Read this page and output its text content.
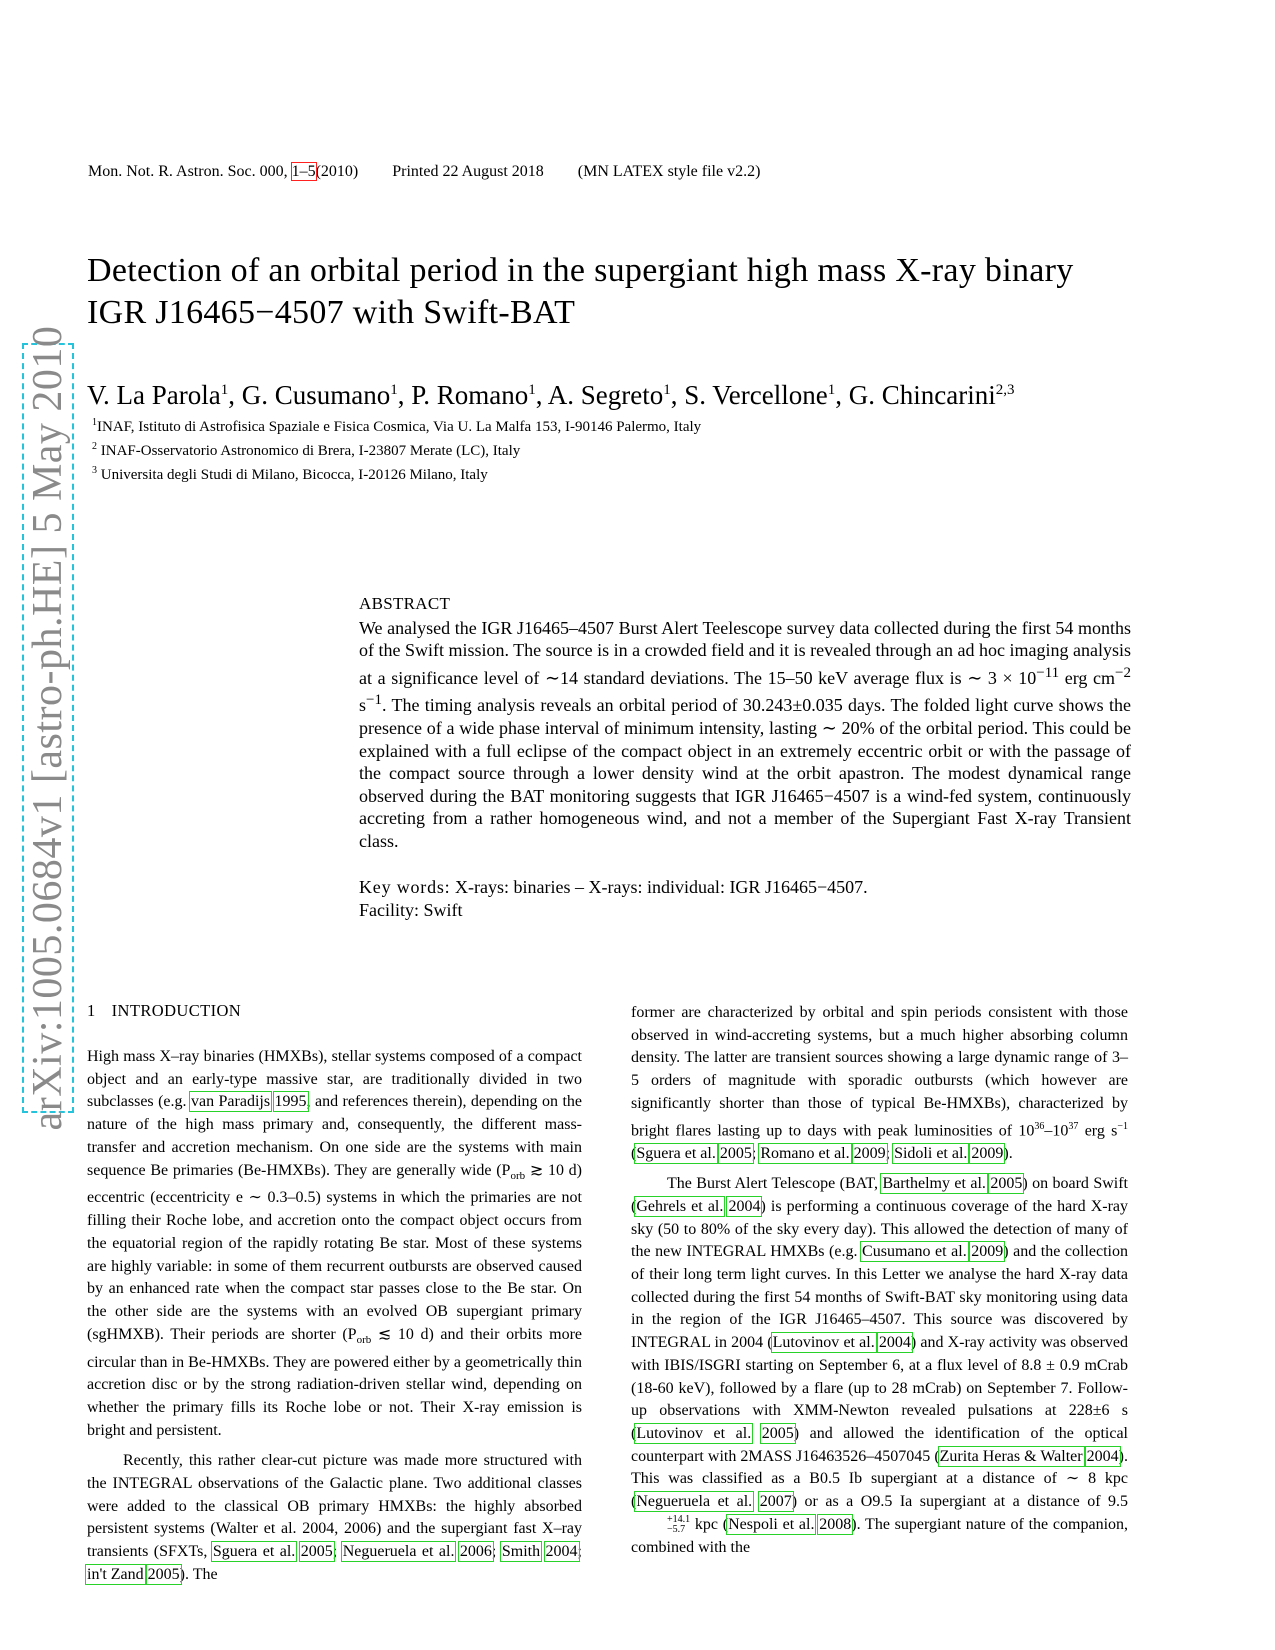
arXiv:1005.0684v1 [astro-ph.HE] 5 May 2010
Mon. Not. R. Astron. Soc. 000, 1–5(2010) Printed 22 August 2018 (MN LATEX style file v2.2)
Detection of an orbital period in the supergiant high mass X-ray binary IGR J16465−4507 with Swift-BAT
V. La Parola$^1$, G. Cusumano$^1$, P. Romano$^1$, A. Segreto$^1$, S. Vercellone$^1$, G. Chincarini$^{2,3}$
$^1$INAF, Istituto di Astrofisica Spaziale e Fisica Cosmica, Via U. La Malfa 153, I-90146 Palermo, Italy
$^2$ INAF-Osservatorio Astronomico di Brera, I-23807 Merate (LC), Italy
$^3$ Universita degli Studi di Milano, Bicocca, I-20126 Milano, Italy
ABSTRACT

We analysed the IGR J16465–4507 Burst Alert Teelescope survey data collected during the first 54 months of the Swift mission. The source is in a crowded field and it is revealed through an ad hoc imaging analysis at a significance level of ∼14 standard deviations. The 15–50 keV average flux is ∼ $3 \times 10^{-11}$ erg $cm^{-2}$ $s^{-1}$. The timing analysis reveals an orbital period of 30.243±0.035 days. The folded light curve shows the presence of a wide phase interval of minimum intensity, lasting ∼ 20% of the orbital period. This could be explained with a full eclipse of the compact object in an extremely eccentric orbit or with the passage of the compact source through a lower density wind at the orbit apastron. The modest dynamical range observed during the BAT monitoring suggests that IGR J16465−4507 is a wind-fed system, continuously accreting from a rather homogeneous wind, and not a member of the Supergiant Fast X-ray Transient class.

Key words: X-rays: binaries – X-rays: individual: IGR J16465−4507.
Facility: Swift
1 INTRODUCTION

High mass X–ray binaries (HMXBs), stellar systems composed of a compact object and an early-type massive star, are traditionally divided in two subclasses (e.g. van Paradijs 1995, and references therein), depending on the nature of the high mass primary and, consequently, the different mass-transfer and accretion mechanism. On one side are the systems with main sequence Be primaries (Be-HMXBs). They are generally wide ($P_{orb}$ ≳ 10 d) eccentric (eccentricity e ∼ 0.3–0.5) systems in which the primaries are not filling their Roche lobe, and accretion onto the compact object occurs from the equatorial region of the rapidly rotating Be star. Most of these systems are highly variable: in some of them recurrent outbursts are observed caused by an enhanced rate when the compact star passes close to the Be star. On the other side are the systems with an evolved OB supergiant primary (sgHMXB). Their periods are shorter ($P_{orb}$ ≲ 10 d) and their orbits more circular than in Be-HMXBs. They are powered either by a geometrically thin accretion disc or by the strong radiation-driven stellar wind, depending on whether the primary fills its Roche lobe or not. Their X-ray emission is bright and persistent.

Recently, this rather clear-cut picture was made more structured with the INTEGRAL observations of the Galactic plane. Two additional classes were added to the classical OB primary HMXBs: the highly absorbed persistent systems (Walter et al. 2004, 2006) and the supergiant fast X–ray transients (SFXTs, Sguera et al. 2005; Negueruela et al. 2006; Smith 2004; in't Zand 2005). The

former are characterized by orbital and spin periods consistent with those observed in wind-accreting systems, but a much higher absorbing column density. The latter are transient sources showing a large dynamic range of 3–5 orders of magnitude with sporadic outbursts (which however are significantly shorter than those of typical Be-HMXBs), characterized by bright flares lasting up to days with peak luminosities of $10^{36}-10^{37}$ erg $s^{-1}$ (Sguera et al. 2005; Romano et al. 2009; Sidoli et al. 2009).

The Burst Alert Telescope (BAT, Barthelmy et al. 2005) on board Swift (Gehrels et al. 2004) is performing a continuous coverage of the hard X-ray sky (50 to 80% of the sky every day). This allowed the detection of many of the new INTEGRAL HMXBs (e.g. Cusumano et al. 2009) and the collection of their long term light curves. In this Letter we analyse the hard X-ray data collected during the first 54 months of Swift-BAT sky monitoring using data in the region of the IGR J16465–4507. This source was discovered by INTEGRAL in 2004 (Lutovinov et al. 2004) and X-ray activity was observed with IBIS/ISGRI starting on September 6, at a flux level of 8.8 ± 0.9 mCrab (18-60 keV), followed by a flare (up to 28 mCrab) on September 7. Follow-up observations with XMM-Newton revealed pulsations at 228±6 s (Lutovinov et al. 2005) and allowed the identification of the optical counterpart with 2MASS J16463526–4507045 (Zurita Heras & Walter 2004). This was classified as a B0.5 Ib supergiant at a distance of ∼ 8 kpc (Negueruela et al. 2007) or as a O9.5 Ia supergiant at a distance of 9.5
+14.1
−5.7 kpc (Nespoli et al. 2008). The supergiant nature of the companion, combined with the
